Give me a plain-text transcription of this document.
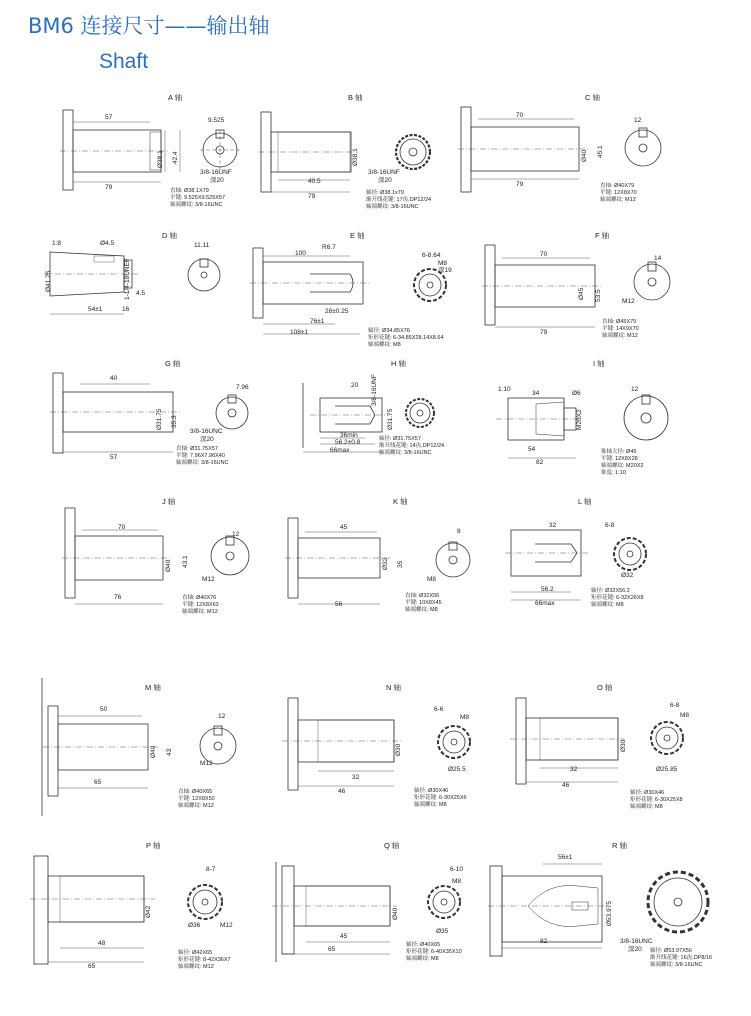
BM6 连接尺寸——输出轴
Shaft
A 轴
57
79
Ø38.1 42.4
9.525
3/8-16UNF
深20
直轴: Ø38.1X79
平键: 9.525X9.525X57
轴端螺纹: 3/8-16UNC
B 轴
40.5
79
Ø38.1
3/8-16UNF
深20
轴径: Ø38.1x79
渐开线花键: 17齿,DP12/24
轴端螺纹: 3/8-16UNC
C 轴
70
79
Ø40 45.1
12
直轴: Ø40X79
平键: 12X8X70
轴端螺纹: M12
D 轴
1:8	Ø4.5
1-1/4-18UNEF
Ø41.25
54±1	16
4.5
11.11
E 轴
100
R6.7
6-8.64
M8
深19
76±1
108±1
28±0.25
轴径: Ø34.85X76
矩形花键: 6-34.85X28.14X8.64
轴端螺纹: M8
F 轴
70
79
Ø45 53.5
14
M12
直轴: Ø45X79
平键: 14X9X70
轴端螺纹: M12
G 轴
40
57
Ø31.75 35.3
7.96
3/8-16UNC
深20
直轴: Ø31.75X57
平键: 7.96X7.96X40
轴端螺纹: 3/8-16UNC
H 轴
20 3/8-16UNF
36min
56.2±0.8
66max
Ø31.75
轴径: Ø31.75X57
渐开线花键: 14齿,DP12/24
轴端螺纹: 3/8-16UNC
I 轴
1:10
34	Ø6
M20X2
54
82
12
锥轴大径: Ø45
平键: 12X8X28
轴端螺纹: M20X2
锥度: 1:10
J 轴
70
76
Ø40 43.1
12
M12
直轴: Ø40X76
平键: 12X8X63
轴端螺纹: M12
K 轴
45
56
Ø32 35
8
M8
直轴: Ø32X56
平键: 10X8X45
轴端螺纹: M8
L 轴
32	6-8
56.2
66max
Ø32
轴径: Ø32X56.2
矩形花键: 6-32X26X8
轴端螺纹: M8
M 轴
50
65
Ø40 43
12
M12
直轴: Ø40X65
平键: 12X8X50
轴端螺纹: M12
N 轴
32
46
Ø30
6-6
M8
Ø25.5
轴径: Ø30X46
矩形花键: 6-30X25X6
轴端螺纹: M8
O 轴
32
46
Ø30
6-8
M8
Ø25.85
轴径: Ø30X46
矩形花键: 6-30X25X8
轴端螺纹: M8
P 轴
48
65
Ø42
8-7
Ø36	M12
轴径: Ø42X65
矩形花键: 8-42X36X7
轴端螺纹: M12
Q 轴
45
65
Ø40
6-10
M8
Ø35
轴径: Ø40X65
矩形花键: 6-40X35X10
轴端螺纹: M8
R 轴
56±1
82
Ø53.975
3/8-16UNC
深20 轴径: Ø53.97X56
渐开线花键: 16齿,DP8/16
轴端螺纹: 3/8-16UNC
